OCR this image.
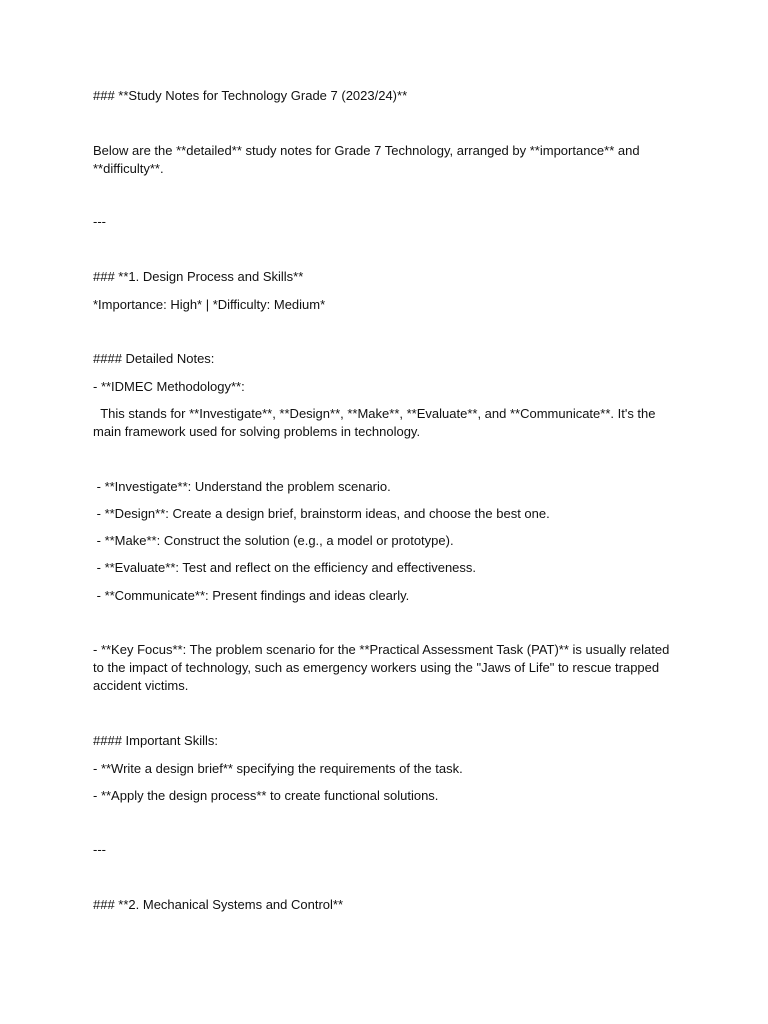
### **Study Notes for Technology Grade 7 (2023/24)**

Below are the **detailed** study notes for Grade 7 Technology, arranged by **importance** and **difficulty**.

---

### **1. Design Process and Skills**

*Importance: High* | *Difficulty: Medium*

#### Detailed Notes:

- **IDMEC Methodology**:

This stands for **Investigate**, **Design**, **Make**, **Evaluate**, and **Communicate**. It's the main framework used for solving problems in technology.

- **Investigate**: Understand the problem scenario.

- **Design**: Create a design brief, brainstorm ideas, and choose the best one.

- **Make**: Construct the solution (e.g., a model or prototype).

- **Evaluate**: Test and reflect on the efficiency and effectiveness.

- **Communicate**: Present findings and ideas clearly.

- **Key Focus**: The problem scenario for the **Practical Assessment Task (PAT)** is usually related to the impact of technology, such as emergency workers using the "Jaws of Life" to rescue trapped accident victims.

#### Important Skills:

- **Write a design brief** specifying the requirements of the task.

- **Apply the design process** to create functional solutions.

---

### **2. Mechanical Systems and Control**
